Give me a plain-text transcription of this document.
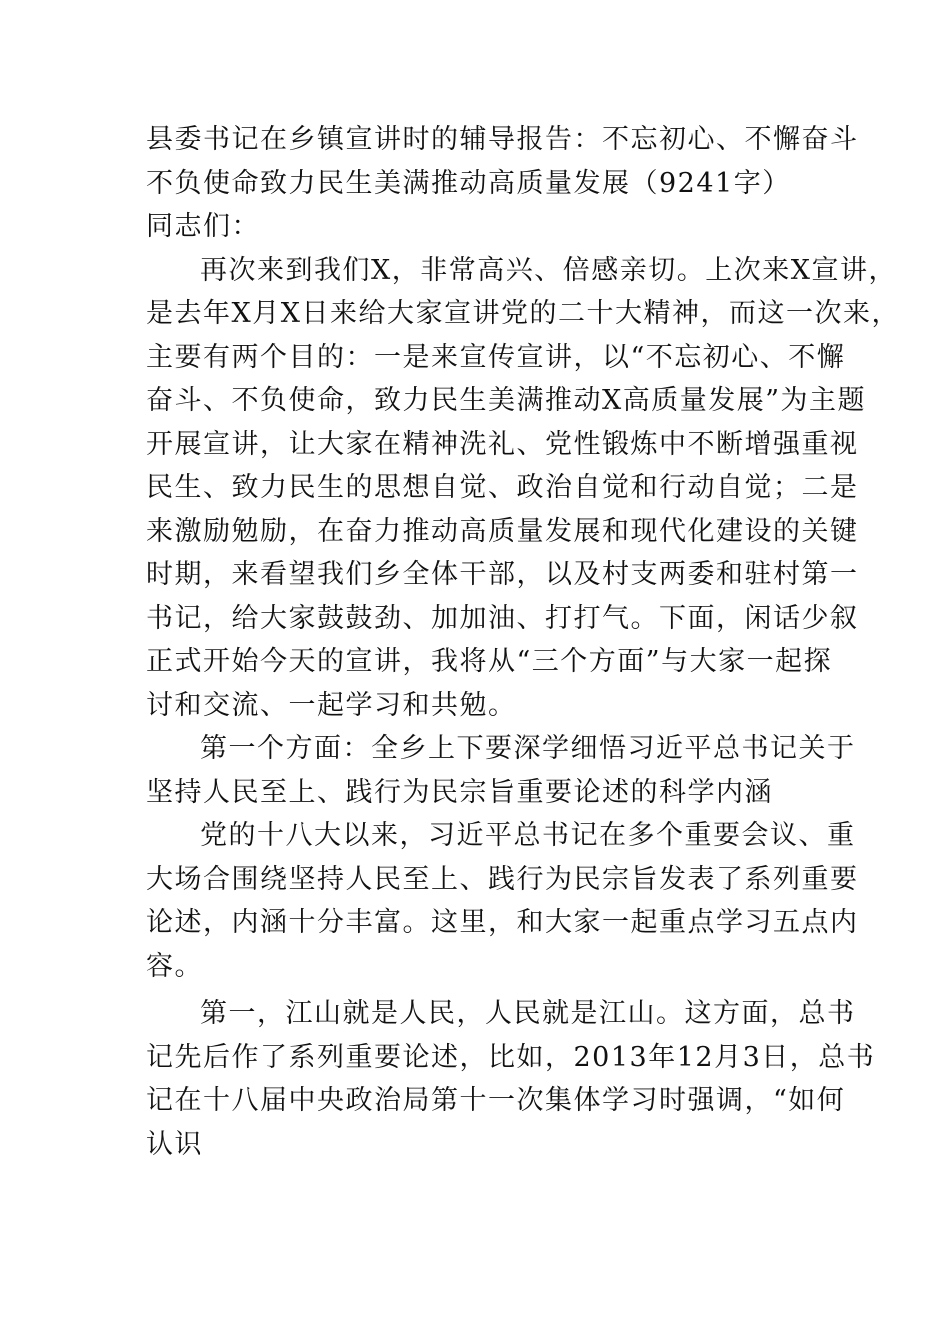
县委书记在乡镇宣讲时的辅导报告：不忘初心、不懈奋斗
不负使命致力民生美满推动高质量发展（9241字）
同志们：
再次来到我们X，非常高兴、倍感亲切。上次来X宣讲，
是去年X月X日来给大家宣讲党的二十大精神，而这一次来，
主要有两个目的：一是来宣传宣讲，以“不忘初心、不懈
奋斗、不负使命，致力民生美满推动X高质量发展”为主题
开展宣讲，让大家在精神洗礼、党性锻炼中不断增强重视
民生、致力民生的思想自觉、政治自觉和行动自觉；二是
来激励勉励，在奋力推动高质量发展和现代化建设的关键
时期，来看望我们乡全体干部，以及村支两委和驻村第一
书记，给大家鼓鼓劲、加加油、打打气。下面，闲话少叙
正式开始今天的宣讲，我将从“三个方面”与大家一起探
讨和交流、一起学习和共勉。
第一个方面：全乡上下要深学细悟习近平总书记关于
坚持人民至上、践行为民宗旨重要论述的科学内涵
党的十八大以来，习近平总书记在多个重要会议、重
大场合围绕坚持人民至上、践行为民宗旨发表了系列重要
论述，内涵十分丰富。这里，和大家一起重点学习五点内
容。
第一，江山就是人民，人民就是江山。这方面，总书
记先后作了系列重要论述，比如，2013年12月3日，总书
记在十八届中央政治局第十一次集体学习时强调，“如何
认识
